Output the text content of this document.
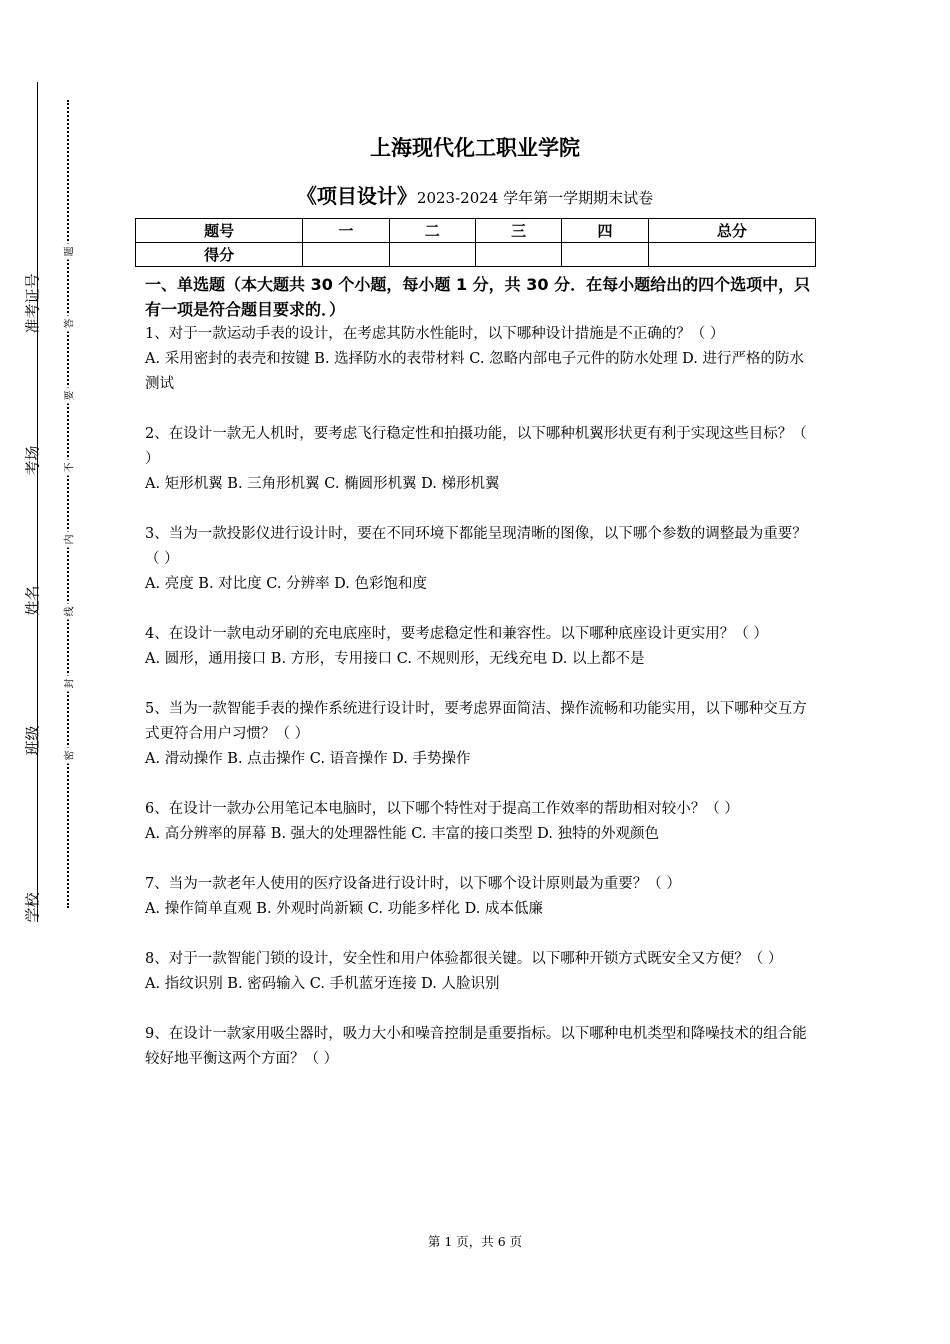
准考证号
考场
姓名
班级
学校
题
答
要
不
内
线
封
密
上海现代化工职业学院
《项目设计》2023-2024 学年第一学期期末试卷
题号	一	二	三	四	总分
得分					
一、单选题（本大题共 30 个小题，每小题 1 分，共 30 分．在每小题给出的四个选项中，只有一项是符合题目要求的．）

1、对于一款运动手表的设计，在考虑其防水性能时，以下哪种设计措施是不正确的？（ ）

A. 采用密封的表壳和按键 B. 选择防水的表带材料 C. 忽略内部电子元件的防水处理 D. 进行严格的防水测试

2、在设计一款无人机时，要考虑飞行稳定性和拍摄功能，以下哪种机翼形状更有利于实现这些目标？（ ）

A. 矩形机翼 B. 三角形机翼 C. 椭圆形机翼 D. 梯形机翼

3、当为一款投影仪进行设计时，要在不同环境下都能呈现清晰的图像，以下哪个参数的调整最为重要？（ ）

A. 亮度 B. 对比度 C. 分辨率 D. 色彩饱和度

4、在设计一款电动牙刷的充电底座时，要考虑稳定性和兼容性。以下哪种底座设计更实用？（ ）

A. 圆形，通用接口 B. 方形，专用接口 C. 不规则形，无线充电 D. 以上都不是

5、当为一款智能手表的操作系统进行设计时，要考虑界面简洁、操作流畅和功能实用，以下哪种交互方式更符合用户习惯？（ ）

A. 滑动操作 B. 点击操作 C. 语音操作 D. 手势操作

6、在设计一款办公用笔记本电脑时，以下哪个特性对于提高工作效率的帮助相对较小？（ ）

A. 高分辨率的屏幕 B. 强大的处理器性能 C. 丰富的接口类型 D. 独特的外观颜色

7、当为一款老年人使用的医疗设备进行设计时，以下哪个设计原则最为重要？（ ）

A. 操作简单直观 B. 外观时尚新颖 C. 功能多样化 D. 成本低廉

8、对于一款智能门锁的设计，安全性和用户体验都很关键。以下哪种开锁方式既安全又方便？（ ）

A. 指纹识别 B. 密码输入 C. 手机蓝牙连接 D. 人脸识别

9、在设计一款家用吸尘器时，吸力大小和噪音控制是重要指标。以下哪种电机类型和降噪技术的组合能较好地平衡这两个方面？（ ）

第 1 页，共 6 页
